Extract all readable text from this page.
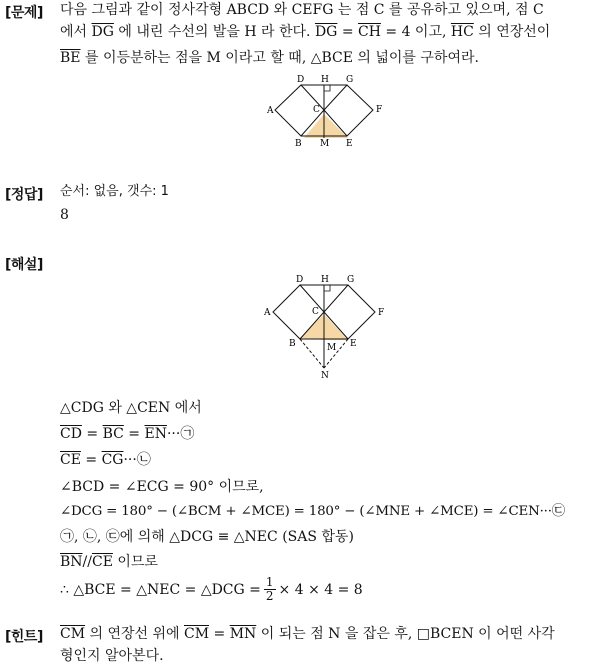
[문제] 다음 그림과 같이 정사각형 ABCD 와 CEFG 는 점 C 를 공유하고 있으며, 점 C
에서 $\overline{DG}$ 에 내린 수선의 발을 H 라 한다. $\overline{DG} = \overline{CH} = 4$ 이고, $\overline{HC}$ 의 연장선이
$\overline{BE}$ 를 이등분하는 점을 M 이라고 할 때, △BCE 의 넓이를 구하여라.
D H G
A	C	F
B M E
[정답] 순서: 없음, 갯수: 1
8
[해설]
D H G
A	C	F
B	M E
N
△CDG 와 △CEN 에서
$\overline{CD} = \overline{BC}$ = $\overline{EN}\cdot\cdot\cdot㉠$
$\overline{CE}$ = $\overline{CG}\cdot\cdot\cdot㉡$
∠BCD = ∠ECG = 90° 이므로,
∠DCG = 180° − (∠BCM + ∠MCE) = 180° − (∠MNE + ∠MCE) = ∠CEN···㉢
㉠, ㉡, ㉢에 의해 △DCG ≡ △NEC (SAS 합동)
$\overline{BN}//\overline{CE}$ 이므로
∴ △BCE = △NEC = △DCG = $\frac{1}{2} \times 4 \times 4 = 8$
[힌트] $\overline{CM}$ 의 연장선 위에 $\overline{CM} = \overline{MN}$ 이 되는 점 N 을 잡은 후, □BCEN 이 어떤 사각
형인지 알아본다.
